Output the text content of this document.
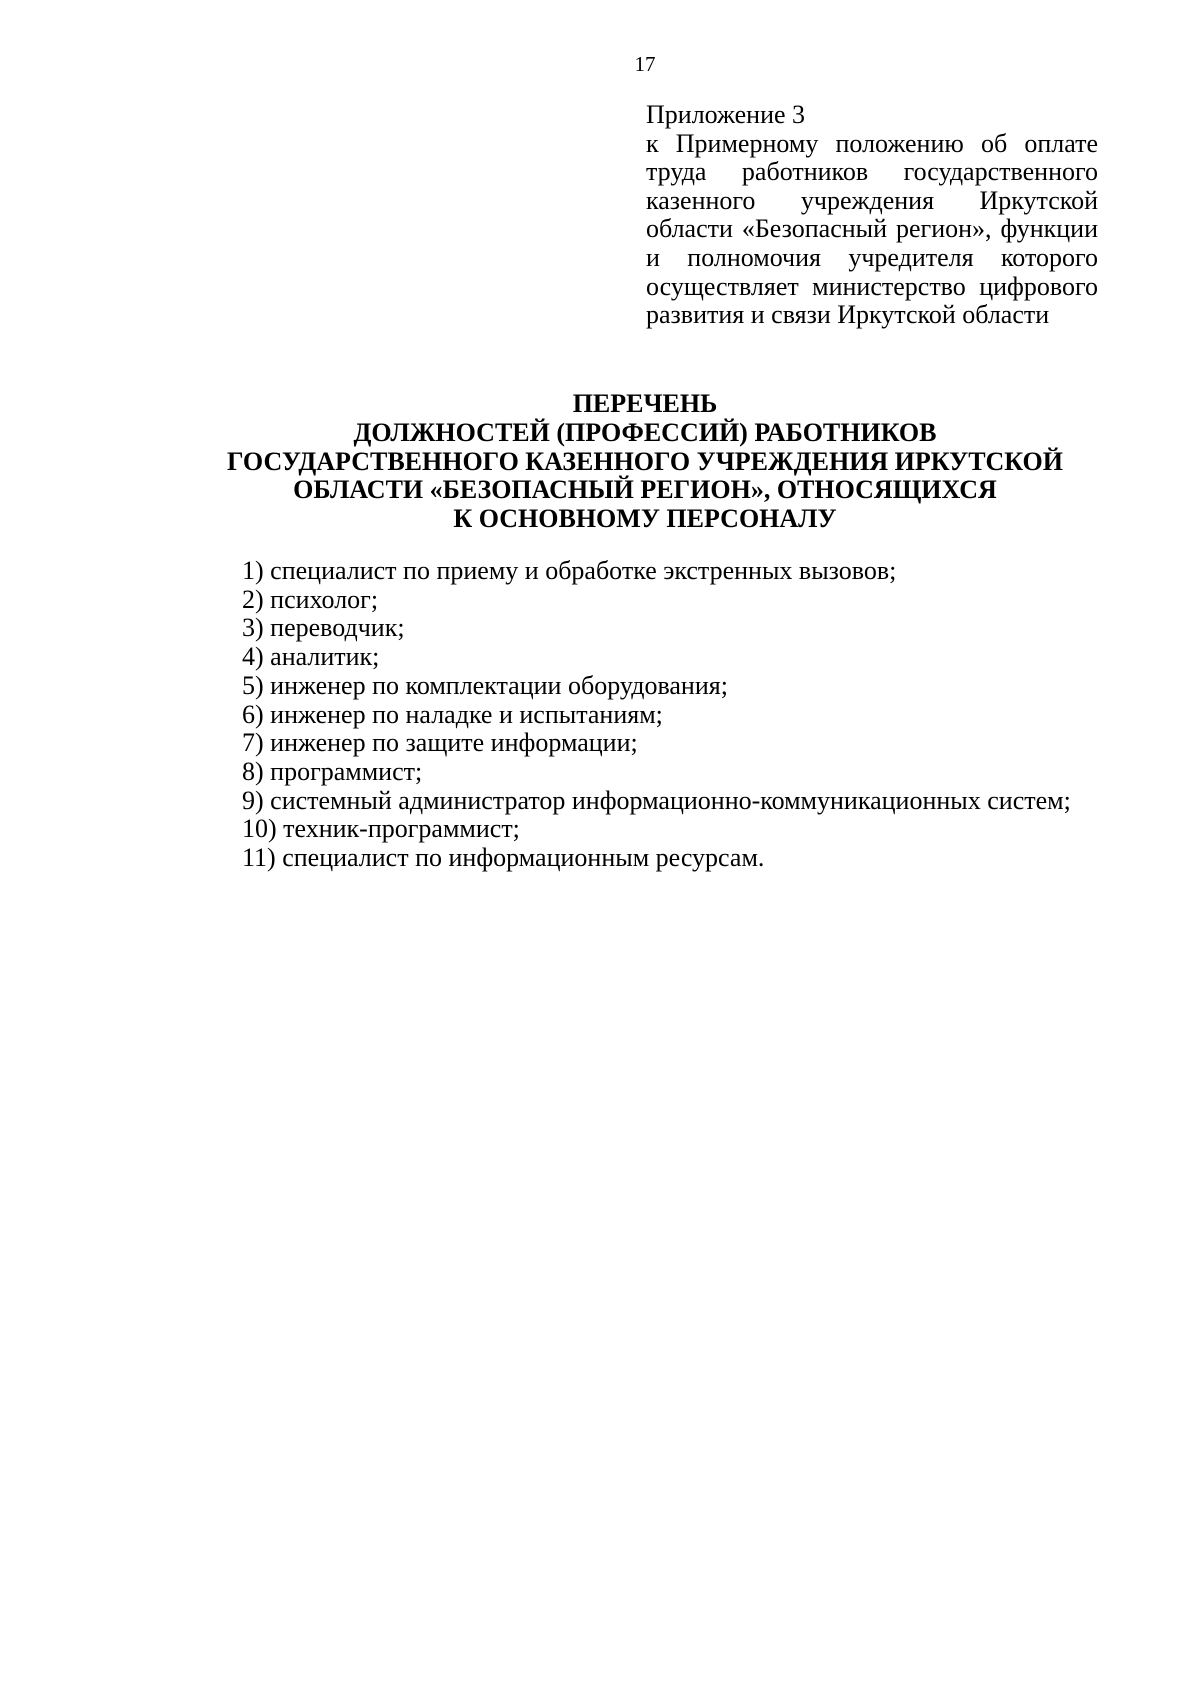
17
Приложение 3
к Примерному положению об оплате труда работников государственного казенного учреждения Иркутской области «Безопасный регион», функции и полномочия учредителя которого осуществляет министерство цифрового развития и связи Иркутской области
ПЕРЕЧЕНЬ
ДОЛЖНОСТЕЙ (ПРОФЕССИЙ) РАБОТНИКОВ
ГОСУДАРСТВЕННОГО КАЗЕННОГО УЧРЕЖДЕНИЯ ИРКУТСКОЙ
ОБЛАСТИ «БЕЗОПАСНЫЙ РЕГИОН», ОТНОСЯЩИХСЯ
К ОСНОВНОМУ ПЕРСОНАЛУ
1) специалист по приему и обработке экстренных вызовов;
2) психолог;
3) переводчик;
4) аналитик;
5) инженер по комплектации оборудования;
6) инженер по наладке и испытаниям;
7) инженер по защите информации;
8) программист;
9) системный администратор информационно-коммуникационных систем;
10) техник-программист;
11) специалист по информационным ресурсам.
